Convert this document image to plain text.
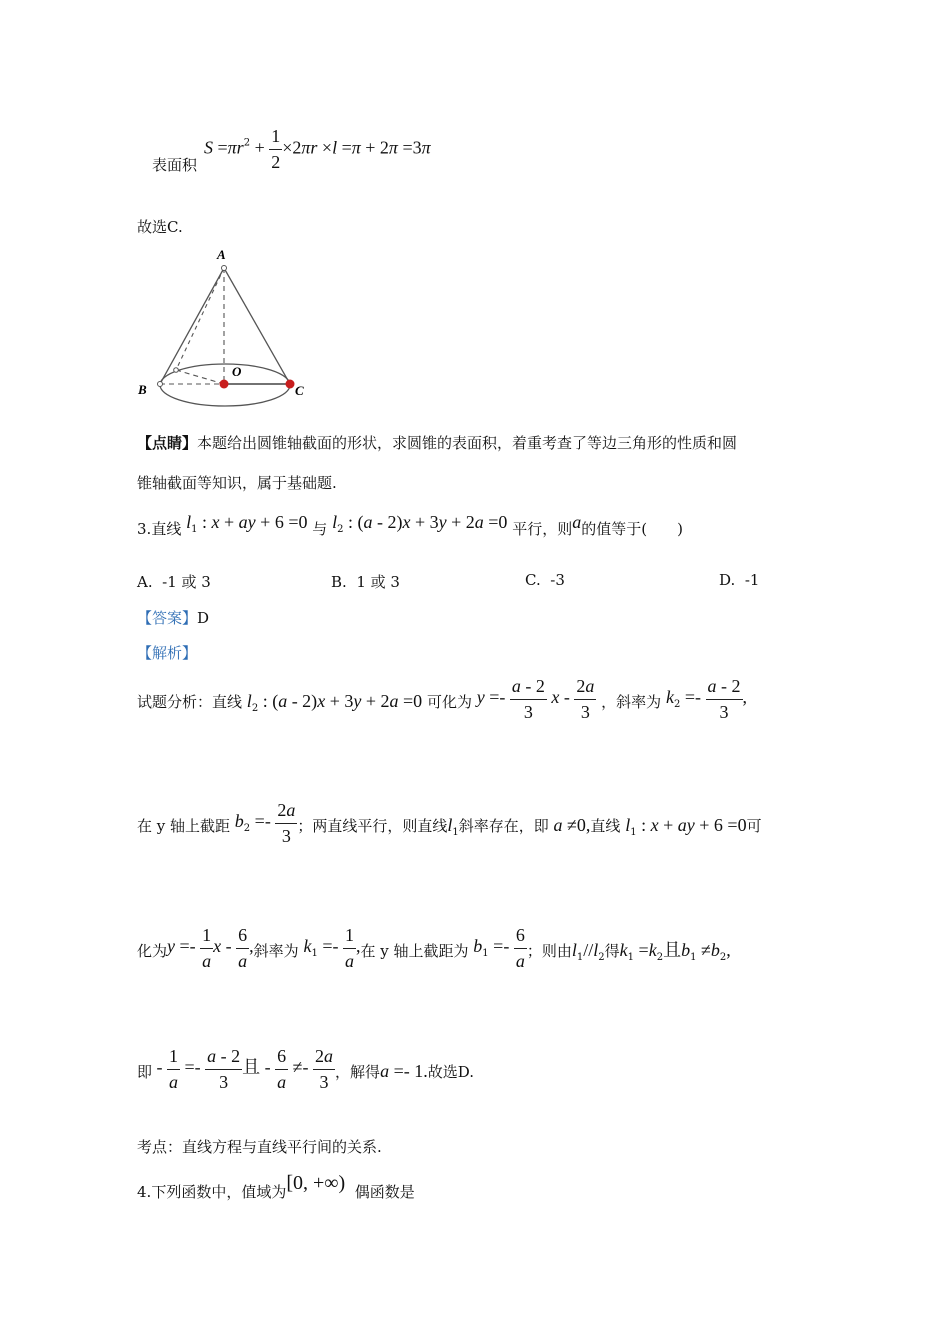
表面积
$S =\pi r^2 + \frac{1}{2} \times 2\pi r \times l =\pi + 2\pi =3\pi$
故选C.
A
B
O
C
【点睛】本题给出圆锥轴截面的形状，求圆锥的表面积，着重考查了等边三角形的性质和圆
锥轴截面等知识，属于基础题.
3.直线 $l_1$ : x + ay + 6 =0 与 $l_2$ : (a - 2)x + 3y + 2a =0 平行，则a的值等于(　　)
A. -1 或 3	B. 1 或 3	C. -3	D. -1
【答案】D
【解析】
试题分析：直线 $l_2$ : (a - 2)x + 3y + 2a =0 可化为 $y =- \frac{a - 2}{3}$ x - $\frac{2a}{3}$ ，斜率为 $k_2 =- \frac{a - 2}{3}$ ,
在 y 轴上截距 $b_2 =- \frac{2a}{3}$ ；两直线平行，则直线$l_1$斜率存在，即 a ≠0,直线 $l_1$ : x + ay + 6 =0可
化为$y =- \frac{1}{a}$ x - $\frac{6}{a}$ ,斜率为 $k_1 =- \frac{1}{a}$ ,在 y 轴上截距为 $b_1 =- \frac{6}{a}$ ；则由$l_1//l_2$得$k_1 =k_2$且$b_1 \ne b_2$,
即 - $\frac{1}{a} =- \frac{a - 2}{3}$ 且 - $\frac{6}{a} \ne- \frac{2a}{3}$ ，解得a =- 1.故选D.
考点：直线方程与直线平行间的关系.
4.下列函数中，值域为[0, +∞) 偶函数是
